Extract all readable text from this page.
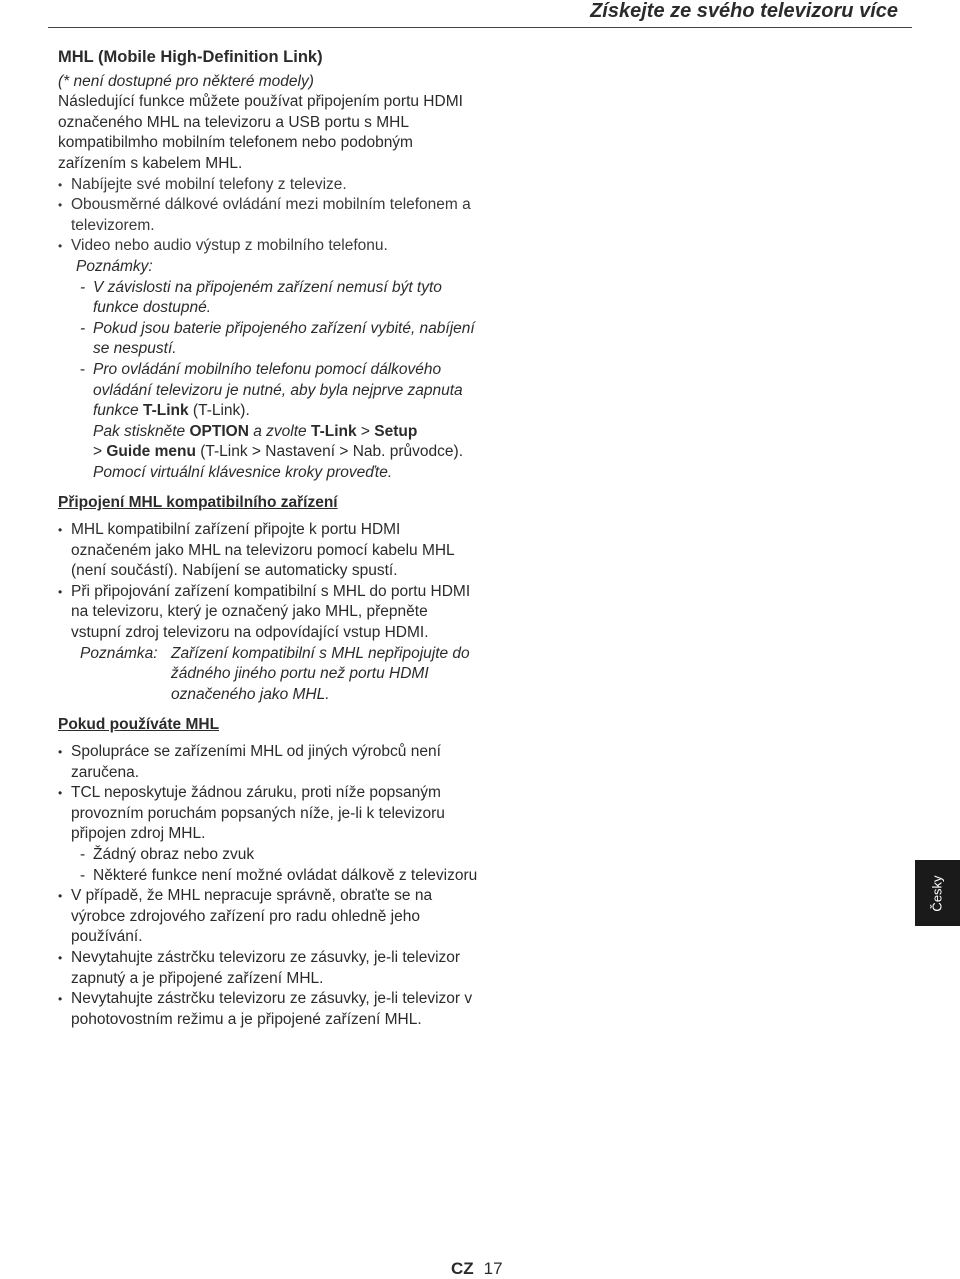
Získejte ze svého televizoru více
MHL (Mobile High-Definition Link)

(* není dostupné pro některé modely)

Následující funkce můžete používat připojením portu HDMI označeného MHL na televizoru a USB portu s MHL kompatibilmho mobilním telefonem nebo podobným zařízením s kabelem MHL.

• Nabíjejte své mobilní telefony z televize.
• Obousměrné dálkové ovládání mezi mobilním telefonem a televizorem.
• Video nebo audio výstup z mobilního telefonu.
Poznámky:
- V závislosti na připojeném zařízení nemusí být tyto funkce dostupné.
- Pokud jsou baterie připojeného zařízení vybité, nabíjení se nespustí.
- Pro ovládání mobilního telefonu pomocí dálkového ovládání televizoru je nutné, aby byla nejprve zapnuta funkce T-Link (T-Link).
Pak stiskněte OPTION a zvolte T-Link > Setup
> Guide menu (T-Link > Nastavení > Nab. průvodce). Pomocí virtuální klávesnice kroky proveďte.
Připojení MHL kompatibilního zařízení
• MHL kompatibilní zařízení připojte k portu HDMI označeném jako MHL na televizoru pomocí kabelu MHL (není součástí). Nabíjení se automaticky spustí.
• Při připojování zařízení kompatibilní s MHL do portu HDMI na televizoru, který je označený jako MHL, přepněte vstupní zdroj televizoru na odpovídající vstup HDMI.
Poznámka: Zařízení kompatibilní s MHL nepřipojujte do žádného jiného portu než portu HDMI označeného jako MHL.
Pokud používáte MHL
• Spolupráce se zařízeními MHL od jiných výrobců není zaručena.
• TCL neposkytuje žádnou záruku, proti níže popsaným provozním poruchám popsaných níže, je-li k televizoru připojen zdroj MHL.
- Žádný obraz nebo zvuk
- Některé funkce není možné ovládat dálkově z televizoru
• V případě, že MHL nepracuje správně, obraťte se na výrobce zdrojového zařízení pro radu ohledně jeho používání.
• Nevytahujte zástrčku televizoru ze zásuvky, je-li televizor zapnutý a je připojené zařízení MHL.
• Nevytahujte zástrčku televizoru ze zásuvky, je-li televizor v pohotovostním režimu a je připojené zařízení MHL.
Česky
CZ 17
